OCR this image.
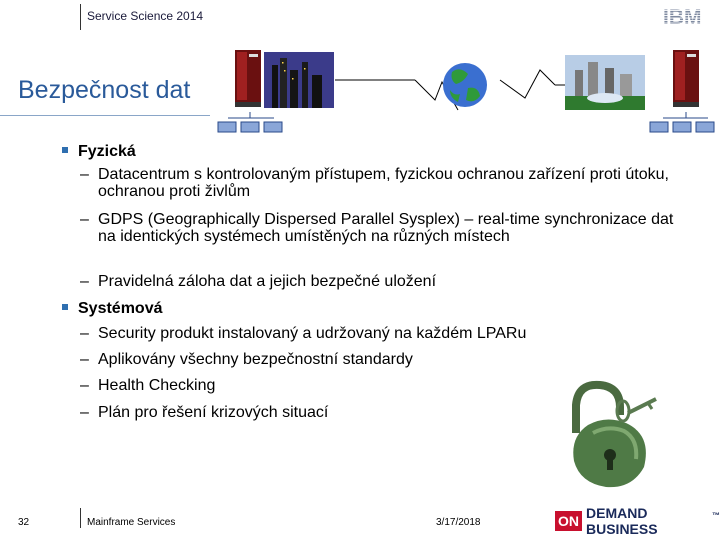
Service Science 2014	IBM
Bezpečnost dat
Fyzická
– Datacentrum s kontrolovaným přístupem, fyzickou ochranou zařízení proti útoku, ochranou proti živlům
– GDPS (Geographically Dispersed Parallel Sysplex) – real-time synchronizace dat na identických systémech umístěných na různých místech
– Pravidelná záloha dat a jejich bezpečné uložení
Systémová
– Security produkt instalovaný a udržovaný na každém LPARu
– Aplikovány všechny bezpečnostní standardy
– Health Checking
– Plán pro řešení krizových situací
32	Mainframe Services	3/17/2018	ON DEMAND BUSINESS
™
